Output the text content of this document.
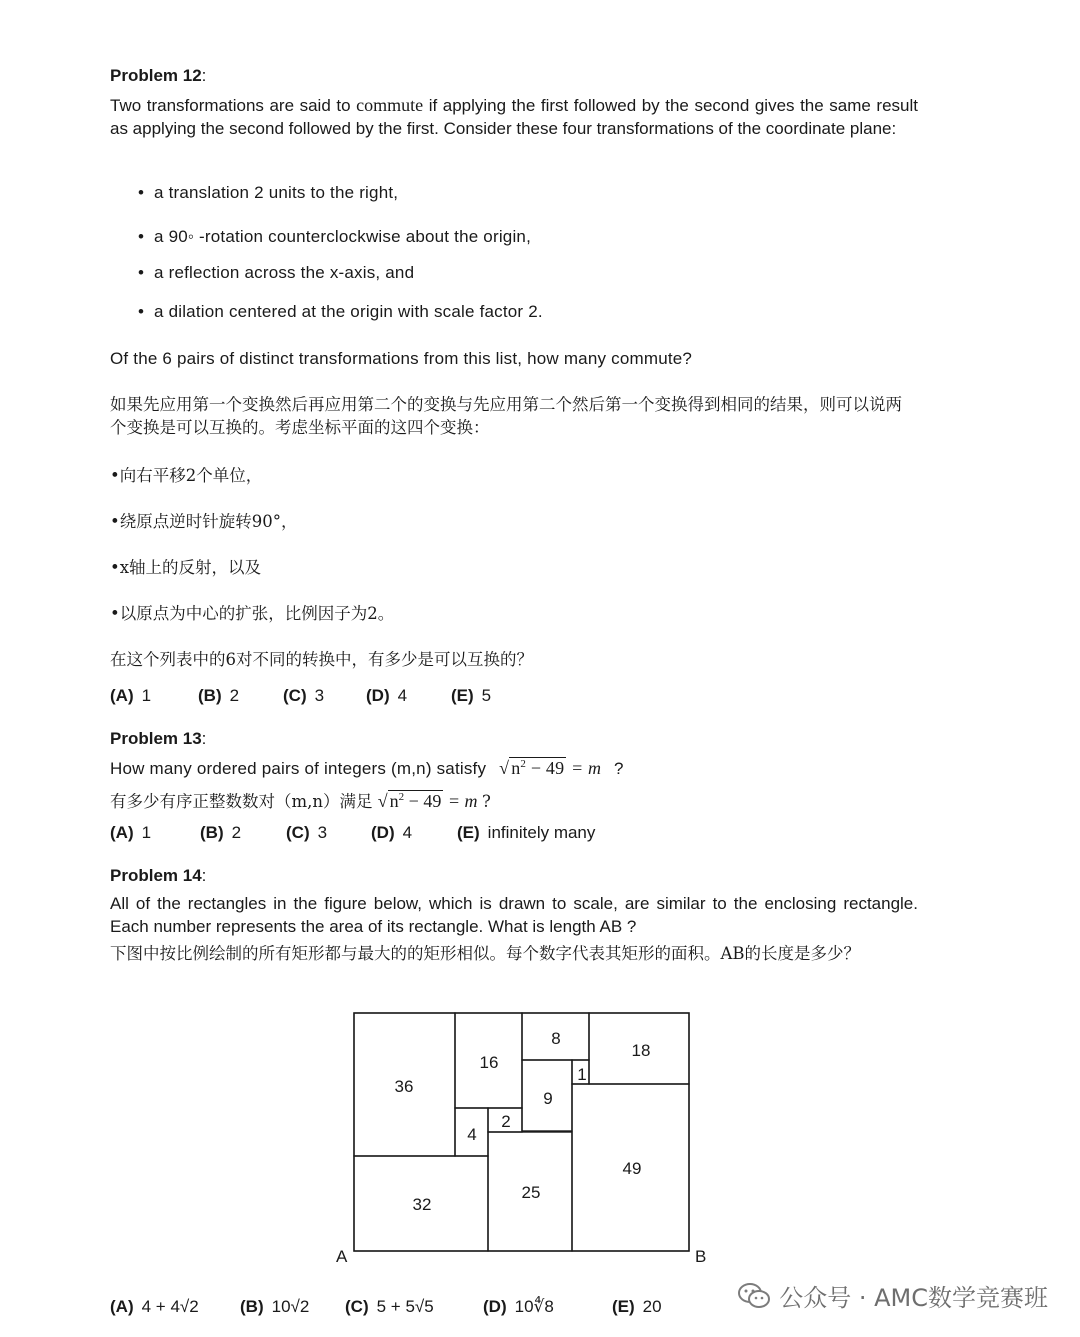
Problem 12:
Two transformations are said to commute if applying the first followed by the second gives the same result as applying the second followed by the first. Consider these four transformations of the coordinate plane:
• a translation 2 units to the right,
• a 90◦ -rotation counterclockwise about the origin,
• a reflection across the x-axis, and
• a dilation centered at the origin with scale factor 2.
Of the 6 pairs of distinct transformations from this list, how many commute?
如果先应用第一个变换然后再应用第二个的变换与先应用第二个然后第一个变换得到相同的结果，则可以说两个变换是可以互换的。考虑坐标平面的这四个变换：
•向右平移2个单位，
•绕原点逆时针旋转90°，
•x轴上的反射，以及
•以原点为中心的扩张，比例因子为2。
在这个列表中的6对不同的转换中，有多少是可以互换的？
(A) 1	(B) 2	(C) 3 (D) 4	(E) 5
Problem 13:
How many ordered pairs of integers (m,n) satisfy √ $n^2 - 49 = m$ ?
有多少有序正整数数对（m,n）满足 √ $n^2 - 49 = m$ ?
(A) 1	(B) 2	(C) 3	(D) 4	(E) infinitely many
Problem 14:
All of the rectangles in the figure below, which is drawn to scale, are similar to the enclosing rectangle. Each number represents the area of its rectangle. What is length AB ?
下图中按比例绘制的所有矩形都与最大的的矩形相似。每个数字代表其矩形的面积。AB的长度是多少？
36
16
8
18
1
9
2
4
49
25
32
A	B
(A) 4 + 4√2 (B) 10√2 (C) 5 + 5√5	(D) 10∜8	(E) 20	公众号 · AMC数学竞赛班
